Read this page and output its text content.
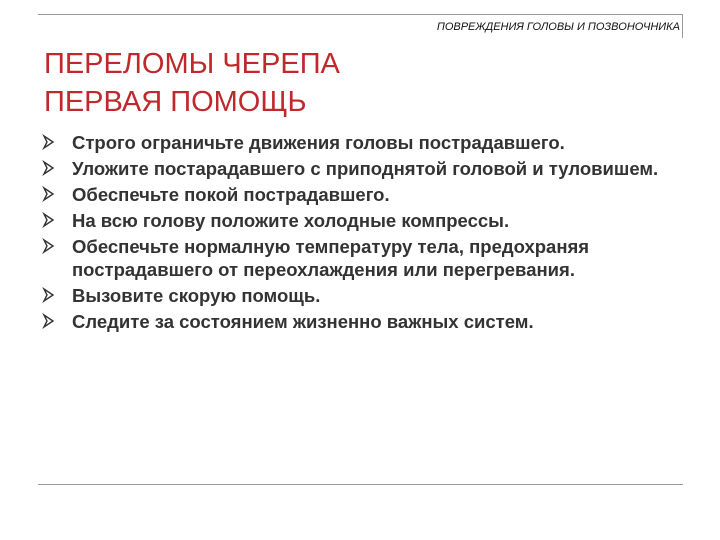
ПОВРЕЖДЕНИЯ ГОЛОВЫ И ПОЗВОНОЧНИКА
ПЕРЕЛОМЫ ЧЕРЕПА
ПЕРВАЯ ПОМОЩЬ
Строго ограничьте движения головы пострадавшего.
Уложите постарадавшего с приподнятой головой и туловишем.
Обеспечьте покой пострадавшего.
На всю голову положите холодные компрессы.
Обеспечьте нормалную температуру тела, предохраняя пострадавшего от переохлаждения или перегревания.
Вызовите скорую помощь.
Следите за состоянием жизненно важных систем.
